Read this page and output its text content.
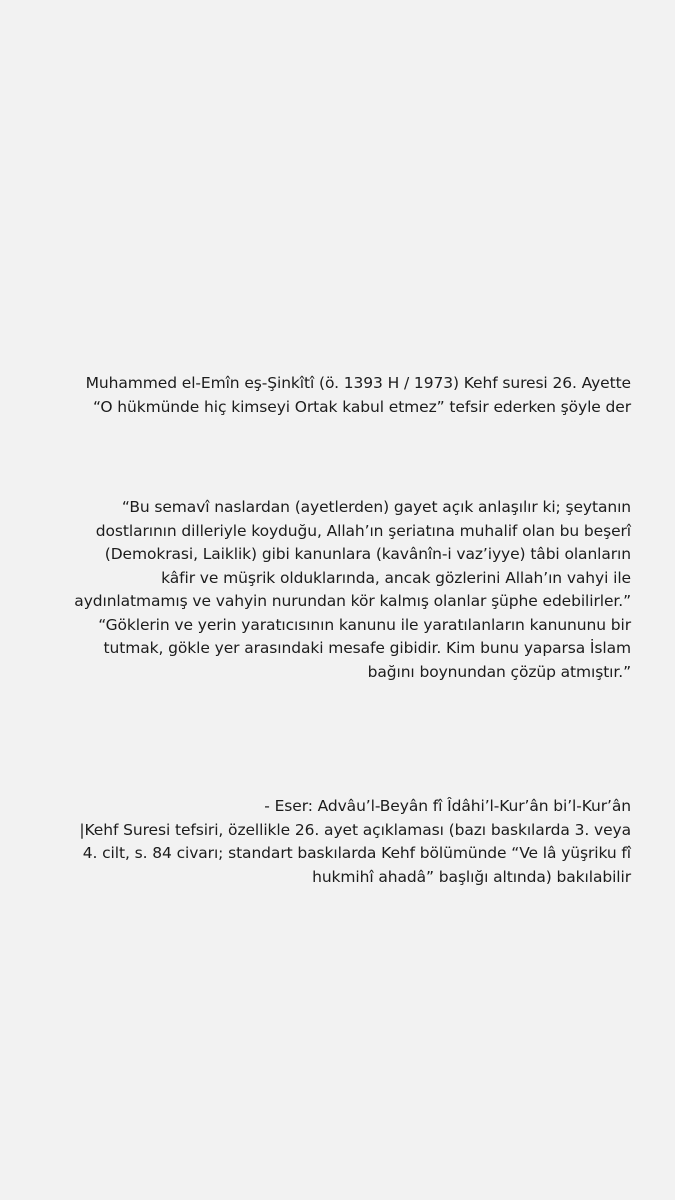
Muhammed el-Emîn eş-Şinkîtî (ö. 1393 H / 1973) Kehf suresi 26. Ayette
“O hükmünde hiç kimseyi Ortak kabul etmez” tefsir ederken şöyle der
“Bu semavî naslardan (ayetlerden) gayet açık anlaşılır ki; şeytanın
dostlarının dilleriyle koyduğu, Allah’ın şeriatına muhalif olan bu beşerî
(Demokrasi, Laiklik) gibi kanunlara (kavânîn-i vaz’iyye) tâbi olanların
kâfir ve müşrik olduklarında, ancak gözlerini Allah’ın vahyi ile
aydınlatmamış ve vahyin nurundan kör kalmış olanlar şüphe edebilirler.”
“Göklerin ve yerin yaratıcısının kanunu ile yaratılanların kanununu bir
tutmak, gökle yer arasındaki mesafe gibidir. Kim bunu yaparsa İslam
bağını boynundan çözüp atmıştır.”
- Eser: Advâu’l-Beyân fî Îdâhi’l-Kur’ân bi’l-Kur’ân
|Kehf Suresi tefsiri, özellikle 26. ayet açıklaması (bazı baskılarda 3. veya
4. cilt, s. 84 civarı; standart baskılarda Kehf bölümünde “Ve lâ yüşriku fî
hukmihî ahadâ” başlığı altında) bakılabilir
